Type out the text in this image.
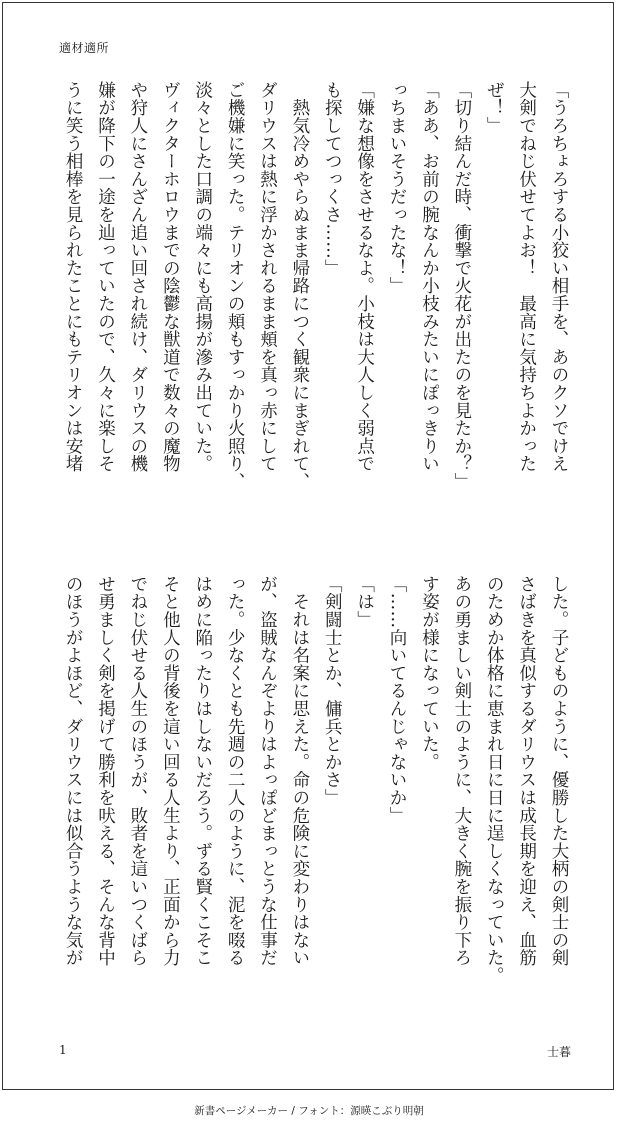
適材適所
「うろちょろする小狡い相手を、あのクソでけえ
大剣でねじ伏せてよお！　最高に気持ちよかった
ぜ！」
「切り結んだ時、衝撃で火花が出たのを見たか？」
「ああ、お前の腕なんか小枝みたいにぽっきりい
っちまいそうだったな！」
「嫌な想像をさせるなよ。小枝は大人しく弱点で
も探してつっくさ……」
　熱気冷めやらぬまま帰路につく観衆にまぎれて、
ダリウスは熱に浮かされるまま頬を真っ赤にして
ご機嫌に笑った。テリオンの頬もすっかり火照り、
淡々とした口調の端々にも高揚が滲み出ていた。
ヴィクターホロウまでの陰鬱な獣道で数々の魔物
や狩人にさんざん追い回され続け、ダリウスの機
嫌が降下の一途を辿っていたので、久々に楽しそ
うに笑う相棒を見られたことにもテリオンは安堵
した。子どものように、優勝した大柄の剣士の剣
さばきを真似するダリウスは成長期を迎え、血筋
のためか体格に恵まれ日に日に逞しくなっていた。
あの勇ましい剣士のように、大きく腕を振り下ろ
す姿が様になっていた。
「……向いてるんじゃないか」
「は」
「剣闘士とか、傭兵とかさ」
　それは名案に思えた。命の危険に変わりはない
が、盗賊なんぞよりはよっぽどまっとうな仕事だ
った。少なくとも先週の二人のように、泥を啜る
はめに陥ったりはしないだろう。ずる賢くこそこ
そと他人の背後を這い回る人生より、正面から力
でねじ伏せる人生のほうが、敗者を這いつくばら
せ勇ましく剣を掲げて勝利を吠える、そんな背中
のほうがよほど、ダリウスには似合うような気が
1	士暮
新書ページメーカー / フォント：源暎こぶり明朝
